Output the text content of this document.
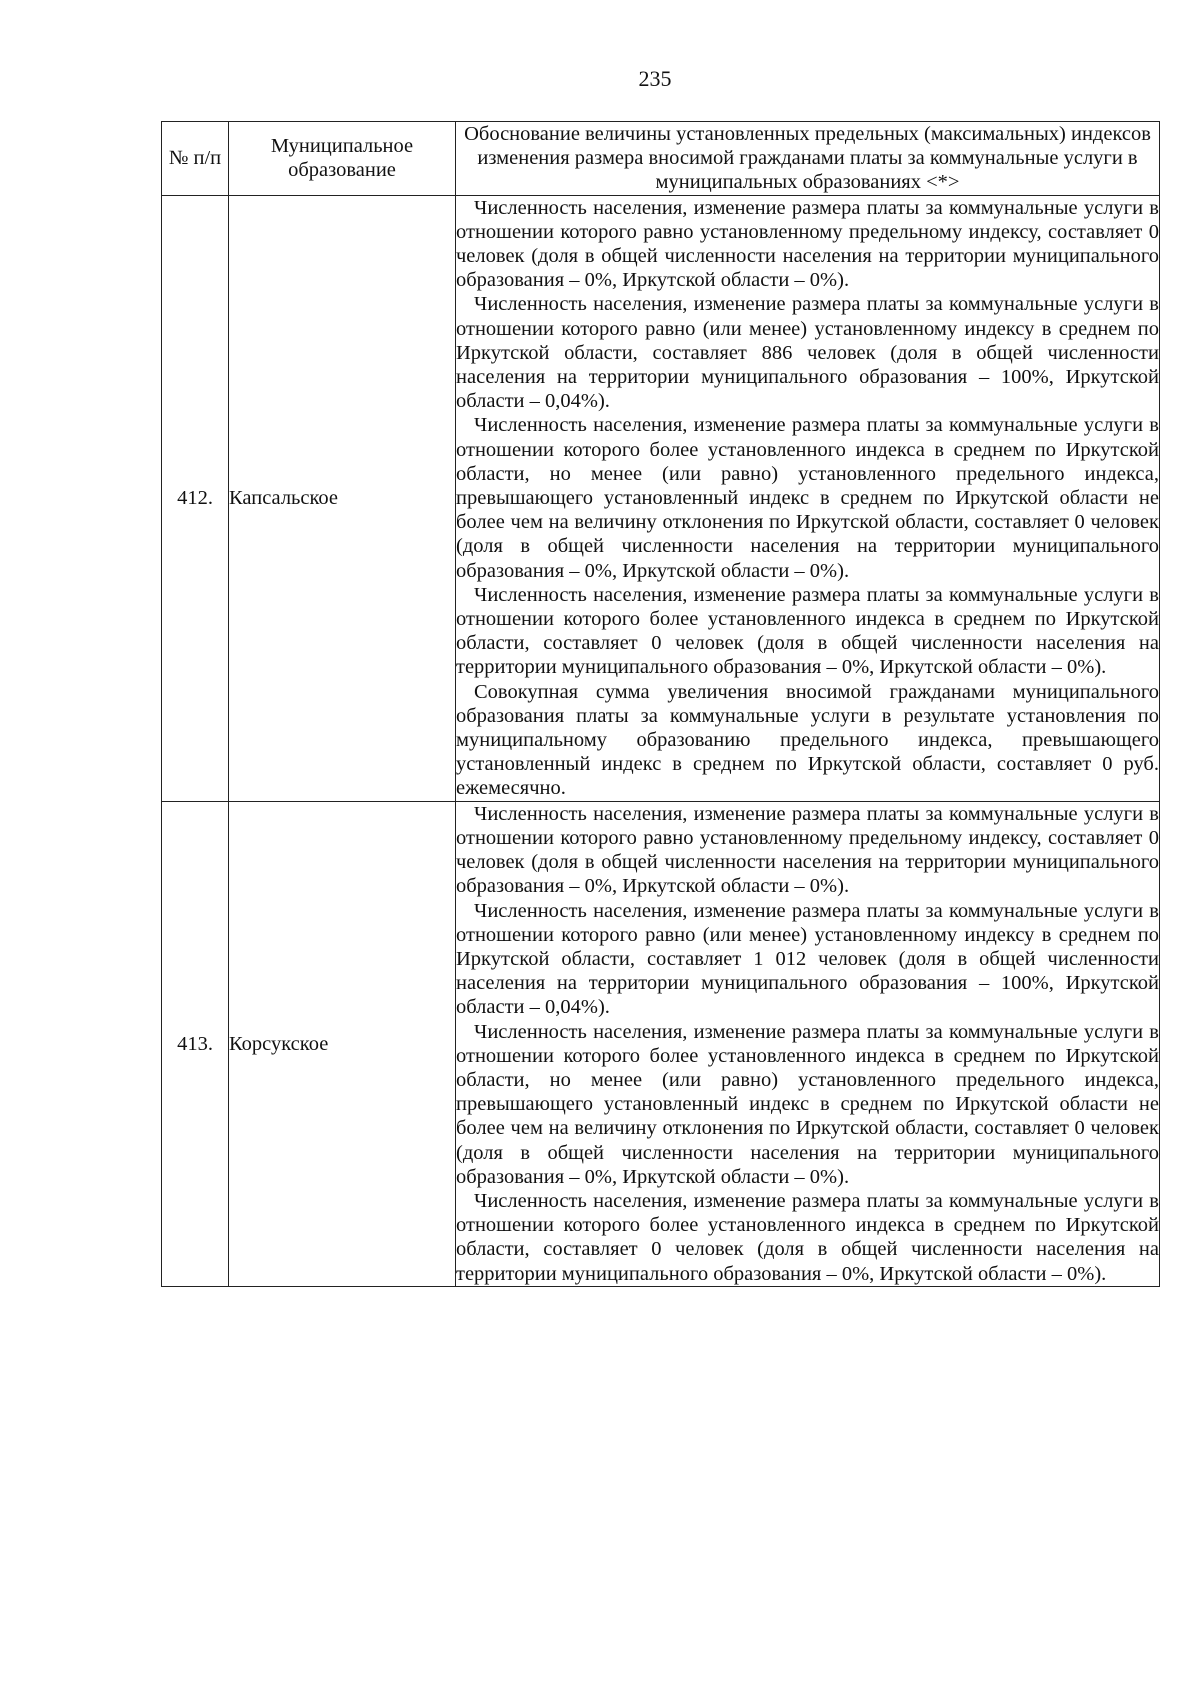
235
№ п/п	Муниципальное образование	Обоснование величины установленных предельных (максимальных) индексов изменения размера вносимой гражданами платы за коммунальные услуги в муниципальных образованиях <*>
412.	Капсальское	Численность населения, изменение размера платы за коммунальные услуги в отношении которого равно установленному предельному индексу, составляет 0 человек (доля в общей численности населения на территории муниципального образования – 0%, Иркутской области – 0%).

Численность населения, изменение размера платы за коммунальные услуги в отношении которого равно (или менее) установленному индексу в среднем по Иркутской области, составляет 886 человек (доля в общей численности населения на территории муниципального образования – 100%, Иркутской области – 0,04%).

Численность населения, изменение размера платы за коммунальные услуги в отношении которого более установленного индекса в среднем по Иркутской области, но менее (или равно) установленного предельного индекса, превышающего установленный индекс в среднем по Иркутской области не более чем на величину отклонения по Иркутской области, составляет 0 человек (доля в общей численности населения на территории муниципального образования – 0%, Иркутской области – 0%).

Численность населения, изменение размера платы за коммунальные услуги в отношении которого более установленного индекса в среднем по Иркутской области, составляет 0 человек (доля в общей численности населения на территории муниципального образования – 0%, Иркутской области – 0%).

Совокупная сумма увеличения вносимой гражданами муниципального образования платы за коммунальные услуги в результате установления по муниципальному образованию предельного индекса, превышающего установленный индекс в среднем по Иркутской области, составляет 0 руб. ежемесячно.

413.	Корсукское	Численность населения, изменение размера платы за коммунальные услуги в отношении которого равно установленному предельному индексу, составляет 0 человек (доля в общей численности населения на территории муниципального образования – 0%, Иркутской области – 0%).

Численность населения, изменение размера платы за коммунальные услуги в отношении которого равно (или менее) установленному индексу в среднем по Иркутской области, составляет 1 012 человек (доля в общей численности населения на территории муниципального образования – 100%, Иркутской области – 0,04%).

Численность населения, изменение размера платы за коммунальные услуги в отношении которого более установленного индекса в среднем по Иркутской области, но менее (или равно) установленного предельного индекса, превышающего установленный индекс в среднем по Иркутской области не более чем на величину отклонения по Иркутской области, составляет 0 человек (доля в общей численности населения на территории муниципального образования – 0%, Иркутской области – 0%).

Численность населения, изменение размера платы за коммунальные услуги в отношении которого более установленного индекса в среднем по Иркутской области, составляет 0 человек (доля в общей численности населения на территории муниципального образования – 0%, Иркутской области – 0%).
